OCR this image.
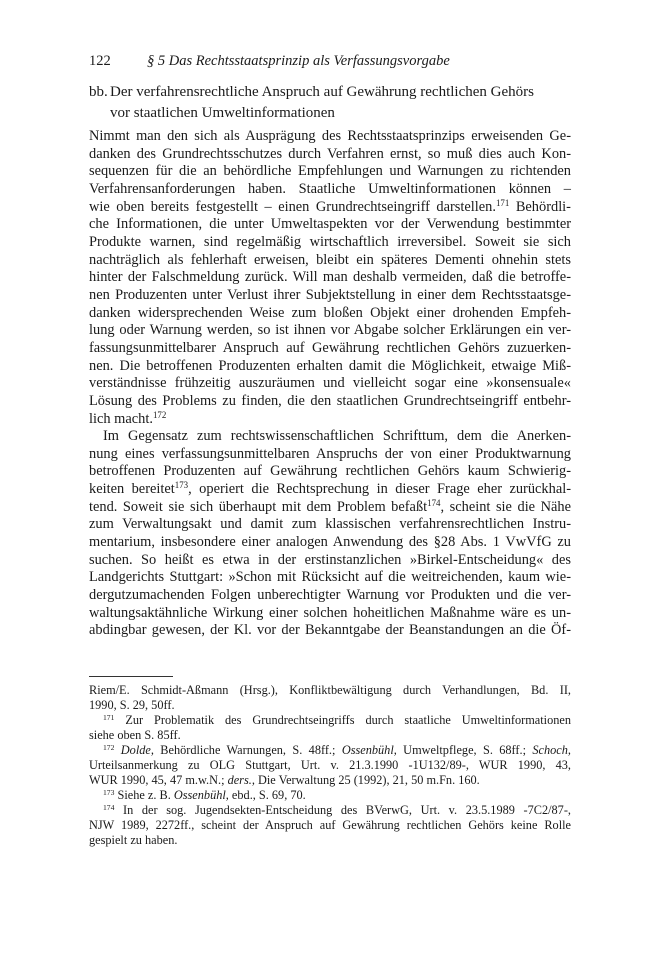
122	§ 5 Das Rechtsstaatsprinzip als Verfassungsvorgabe
bb. Der verfahrensrechtliche Anspruch auf Gewährung rechtlichen Gehörs
vor staatlichen Umweltinformationen
Nimmt man den sich als Ausprägung des Rechtsstaatsprinzips erweisenden Ge-
danken des Grundrechtsschutzes durch Verfahren ernst, so muß dies auch Kon-
sequenzen für die an behördliche Empfehlungen und Warnungen zu richtenden
Verfahrensanforderungen haben. Staatliche Umweltinformationen können –
wie oben bereits festgestellt – einen Grundrechtseingriff darstellen.$^{171}$ Behördli-
che Informationen, die unter Umweltaspekten vor der Verwendung bestimmter
Produkte warnen, sind regelmäßig wirtschaftlich irreversibel. Soweit sie sich
nachträglich als fehlerhaft erweisen, bleibt ein späteres Dementi ohnehin stets
hinter der Falschmeldung zurück. Will man deshalb vermeiden, daß die betroffe-
nen Produzenten unter Verlust ihrer Subjektstellung in einer dem Rechtsstaatsge-
danken widersprechenden Weise zum bloßen Objekt einer drohenden Empfeh-
lung oder Warnung werden, so ist ihnen vor Abgabe solcher Erklärungen ein ver-
fassungsunmittelbarer Anspruch auf Gewährung rechtlichen Gehörs zuzuerken-
nen. Die betroffenen Produzenten erhalten damit die Möglichkeit, etwaige Miß-
verständnisse frühzeitig auszuräumen und vielleicht sogar eine »konsensuale«
Lösung des Problems zu finden, die den staatlichen Grundrechtseingriff entbehr-
lich macht.$^{172}$
Im Gegensatz zum rechtswissenschaftlichen Schrifttum, dem die Anerken-
nung eines verfassungsunmittelbaren Anspruchs der von einer Produktwarnung
betroffenen Produzenten auf Gewährung rechtlichen Gehörs kaum Schwierig-
keiten bereitet$^{173}$, operiert die Rechtsprechung in dieser Frage eher zurückhal-
tend. Soweit sie sich überhaupt mit dem Problem befaßt$^{174}$, scheint sie die Nähe
zum Verwaltungsakt und damit zum klassischen verfahrensrechtlichen Instru-
mentarium, insbesondere einer analogen Anwendung des §28 Abs. 1 VwVfG zu
suchen. So heißt es etwa in der erstinstanzlichen »Birkel-Entscheidung« des
Landgerichts Stuttgart: »Schon mit Rücksicht auf die weitreichenden, kaum wie-
dergutzumachenden Folgen unberechtigter Warnung vor Produkten und die ver-
waltungsaktähnliche Wirkung einer solchen hoheitlichen Maßnahme wäre es un-
abdingbar gewesen, der Kl. vor der Bekanntgabe der Beanstandungen an die Öf-
Riem/E. Schmidt-Aßmann (Hrsg.), Konfliktbewältigung durch Verhandlungen, Bd. II,
1990, S. 29, 50ff.
$^{171}$ Zur Problematik des Grundrechtseingriffs durch staatliche Umweltinformationen
siehe oben S. 85ff.
$^{172}$ Dolde, Behördliche Warnungen, S. 48ff.; Ossenbühl, Umweltpflege, S. 68ff.; Schoch,
Urteilsanmerkung zu OLG Stuttgart, Urt. v. 21.3.1990 -1U132/89-, WUR 1990, 43,
WUR 1990, 45, 47 m.w.N.; ders., Die Verwaltung 25 (1992), 21, 50 m.Fn. 160.
$^{173}$ Siehe z. B. Ossenbühl, ebd., S. 69, 70.
$^{174}$ In der sog. Jugendsekten-Entscheidung des BVerwG, Urt. v. 23.5.1989 -7C2/87-,
NJW 1989, 2272ff., scheint der Anspruch auf Gewährung rechtlichen Gehörs keine Rolle
gespielt zu haben.
